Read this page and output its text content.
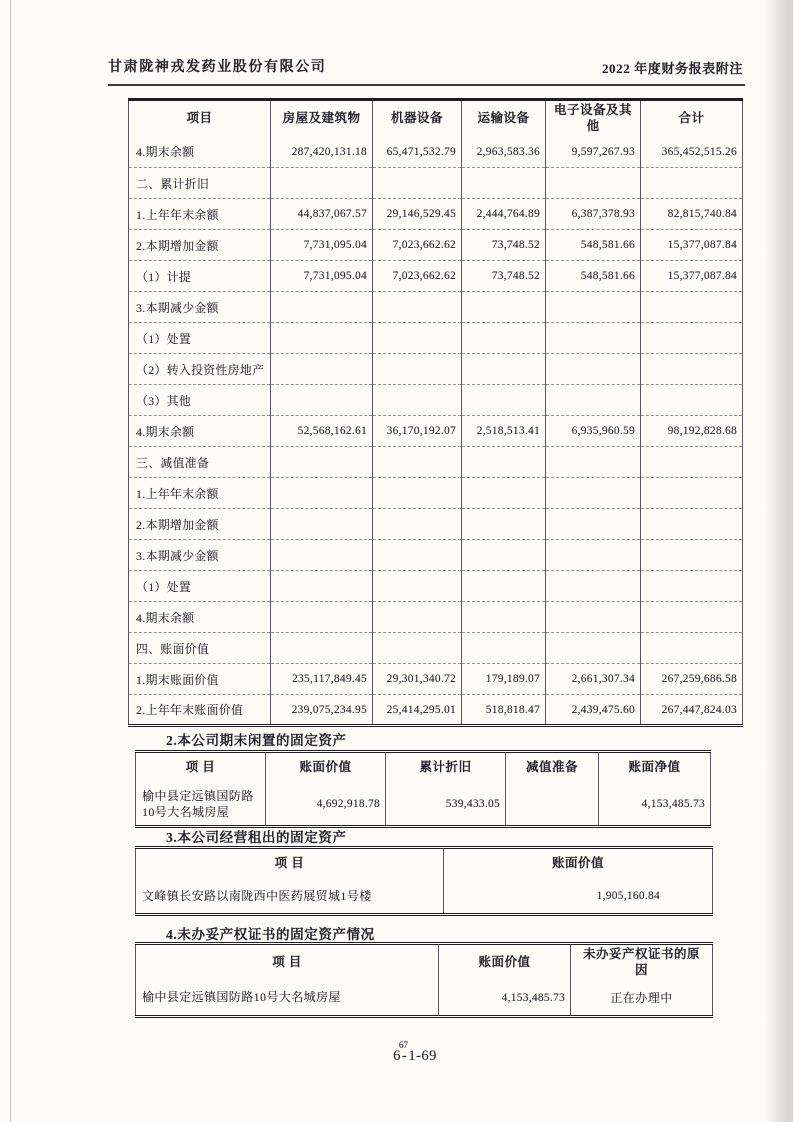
甘肃陇神戎发药业股份有限公司	2022 年度财务报表附注
项目	房屋及建筑物	机器设备	运输设备	电子设备及其他	合计
4.期末余额	287,420,131.18	65,471,532.79	2,963,583.36	9,597,267.93	365,452,515.26
二、累计折旧					
1.上年年末余额	44,837,067.57	29,146,529.45	2,444,764.89	6,387,378.93	82,815,740.84
2.本期增加金额	7,731,095.04	7,023,662.62	73,748.52	548,581.66	15,377,087.84
（1）计提	7,731,095.04	7,023,662.62	73,748.52	548,581.66	15,377,087.84
3.本期减少金额					
（1）处置					
（2）转入投资性房地产					
（3）其他					
4.期末余额	52,568,162.61	36,170,192.07	2,518,513.41	6,935,960.59	98,192,828.68
三、减值准备					
1.上年年末余额					
2.本期增加金额					
3.本期减少金额					
（1）处置					
4.期末余额					
四、账面价值					
1.期末账面价值	235,117,849.45	29,301,340.72	179,189.07	2,661,307.34	267,259,686.58
2.上年年末账面价值	239,075,234.95	25,414,295.01	518,818.47	2,439,475.60	267,447,824.03
2.本公司期末闲置的固定资产
项 目	账面价值	累计折旧	减值准备	账面净值
榆中县定远镇国防路10号大名城房屋	4,692,918.78	539,433.05		4,153,485.73
3.本公司经营租出的固定资产
项 目	账面价值
文峰镇长安路以南陇西中医药展贸城1号楼	1,905,160.84
4.未办妥产权证书的固定资产情况
项 目	账面价值	未办妥产权证书的原因
榆中县定远镇国防路10号大名城房屋	4,153,485.73	正在办理中
6
67
-1-69
